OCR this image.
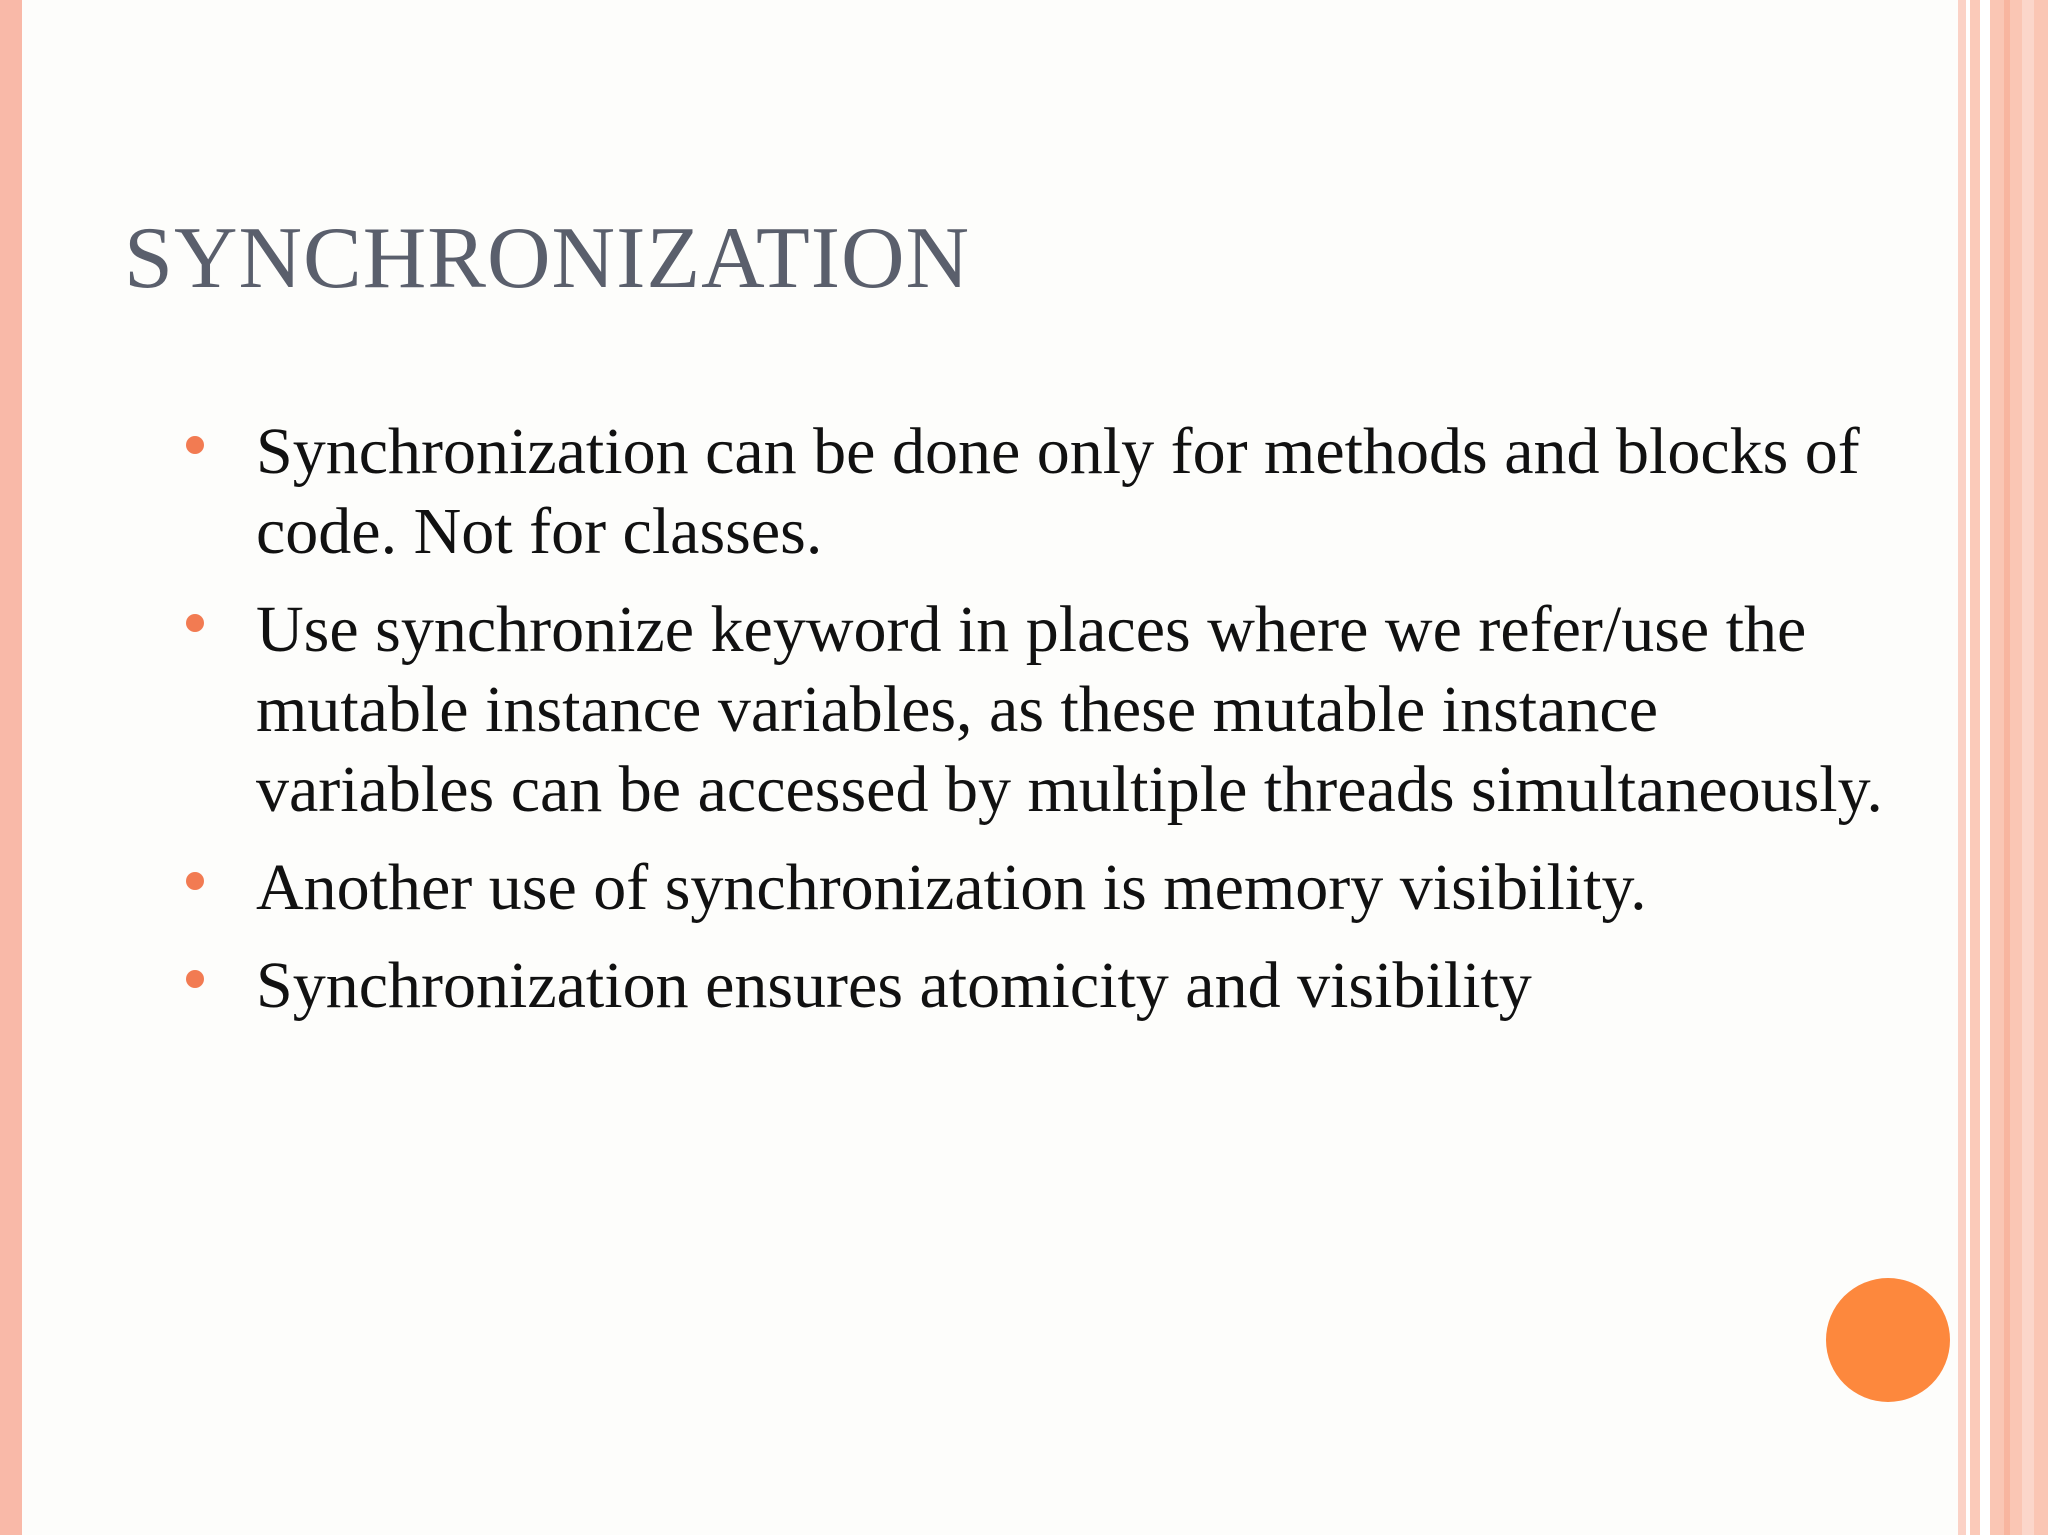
SYNCHRONIZATION
Synchronization can be done only for methods and blocks of code. Not for classes.
Use synchronize keyword in places where we refer/use the mutable instance variables, as these mutable instance variables can be accessed by multiple threads simultaneously.
Another use of synchronization is memory visibility.
Synchronization ensures atomicity and visibility
